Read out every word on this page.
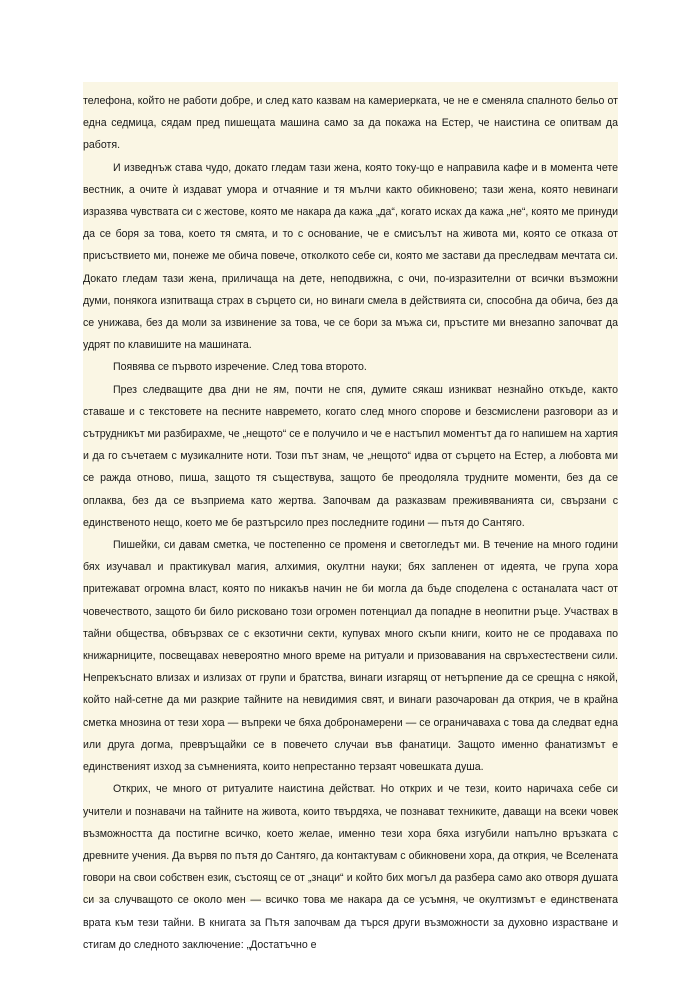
телефона, който не работи добре, и след като казвам на камериерката, че не е сменяла спалното бельо от една седмица, сядам пред пишещата машина само за да покажа на Естер, че наистина се опитвам да работя.

И изведнъж става чудо, докато гледам тази жена, която току-що е направила кафе и в момента чете вестник, а очите ѝ издават умора и отчаяние и тя мълчи както обикновено; тази жена, която невинаги изразява чувствата си с жестове, която ме накара да кажа „да“, когато исках да кажа „не“, която ме принуди да се боря за това, което тя смята, и то с основание, че е смисълът на живота ми, която се отказа от присъствието ми, понеже ме обича повече, отколкото себе си, която ме застави да преследвам мечтата си. Докато гледам тази жена, приличаща на дете, неподвижна, с очи, по-изразителни от всички възможни думи, понякога изпитваща страх в сърцето си, но винаги смела в действията си, способна да обича, без да се унижава, без да моли за извинение за това, че се бори за мъжа си, пръстите ми внезапно започват да удрят по клавишите на машината.

Появява се първото изречение. След това второто.

През следващите два дни не ям, почти не спя, думите сякаш изникват незнайно откъде, както ставаше и с текстовете на песните навремето, когато след много спорове и безсмислени разговори аз и сътрудникът ми разбирахме, че „нещото“ се е получило и че е настъпил моментът да го напишем на хартия и да го съчетаем с музикалните ноти. Този път знам, че „нещото“ идва от сърцето на Естер, а любовта ми се ражда отново, пиша, защото тя съществува, защото бе преодоляла трудните моменти, без да се оплаква, без да се възприема като жертва. Започвам да разказвам преживяванията си, свързани с единственото нещо, което ме бе разтърсило през последните години — пътя до Сантяго.

Пишейки, си давам сметка, че постепенно се променя и светогледът ми. В течение на много години бях изучавал и практикувал магия, алхимия, окултни науки; бях запленен от идеята, че група хора притежават огромна власт, която по никакъв начин не би могла да бъде споделена с останалата част от човечеството, защото би било рисковано този огромен потенциал да попадне в неопитни ръце. Участвах в тайни общества, обвързвах се с екзотични секти, купувах много скъпи книги, които не се продаваха по книжарниците, посвещавах невероятно много време на ритуали и призовавания на свръхестествени сили. Непрекъснато влизах и излизах от групи и братства, винаги изгарящ от нетърпение да се срещна с някой, който най-сетне да ми разкрие тайните на невидимия свят, и винаги разочарован да открия, че в крайна сметка мнозина от тези хора — въпреки че бяха добронамерени — се ограничаваха с това да следват една или друга догма, превръщайки се в повечето случаи във фанатици. Защото именно фанатизмът е единственият изход за съмненията, които непрестанно терзаят човешката душа.

Открих, че много от ритуалите наистина действат. Но открих и че тези, които наричаха себе си учители и познавачи на тайните на живота, които твърдяха, че познават техниките, даващи на всеки човек възможността да постигне всичко, което желае, именно тези хора бяха изгубили напълно връзката с древните учения. Да вървя по пътя до Сантяго, да контактувам с обикновени хора, да открия, че Вселената говори на свои собствен език, състоящ се от „знаци“ и който бих могъл да разбера само ако отворя душата си за случващото се около мен — всичко това ме накара да се усъмня, че окултизмът е единствената врата към тези тайни. В книгата за Пътя започвам да търся други възможности за духовно израстване и стигам до следното заключение: „Достатъчно е
